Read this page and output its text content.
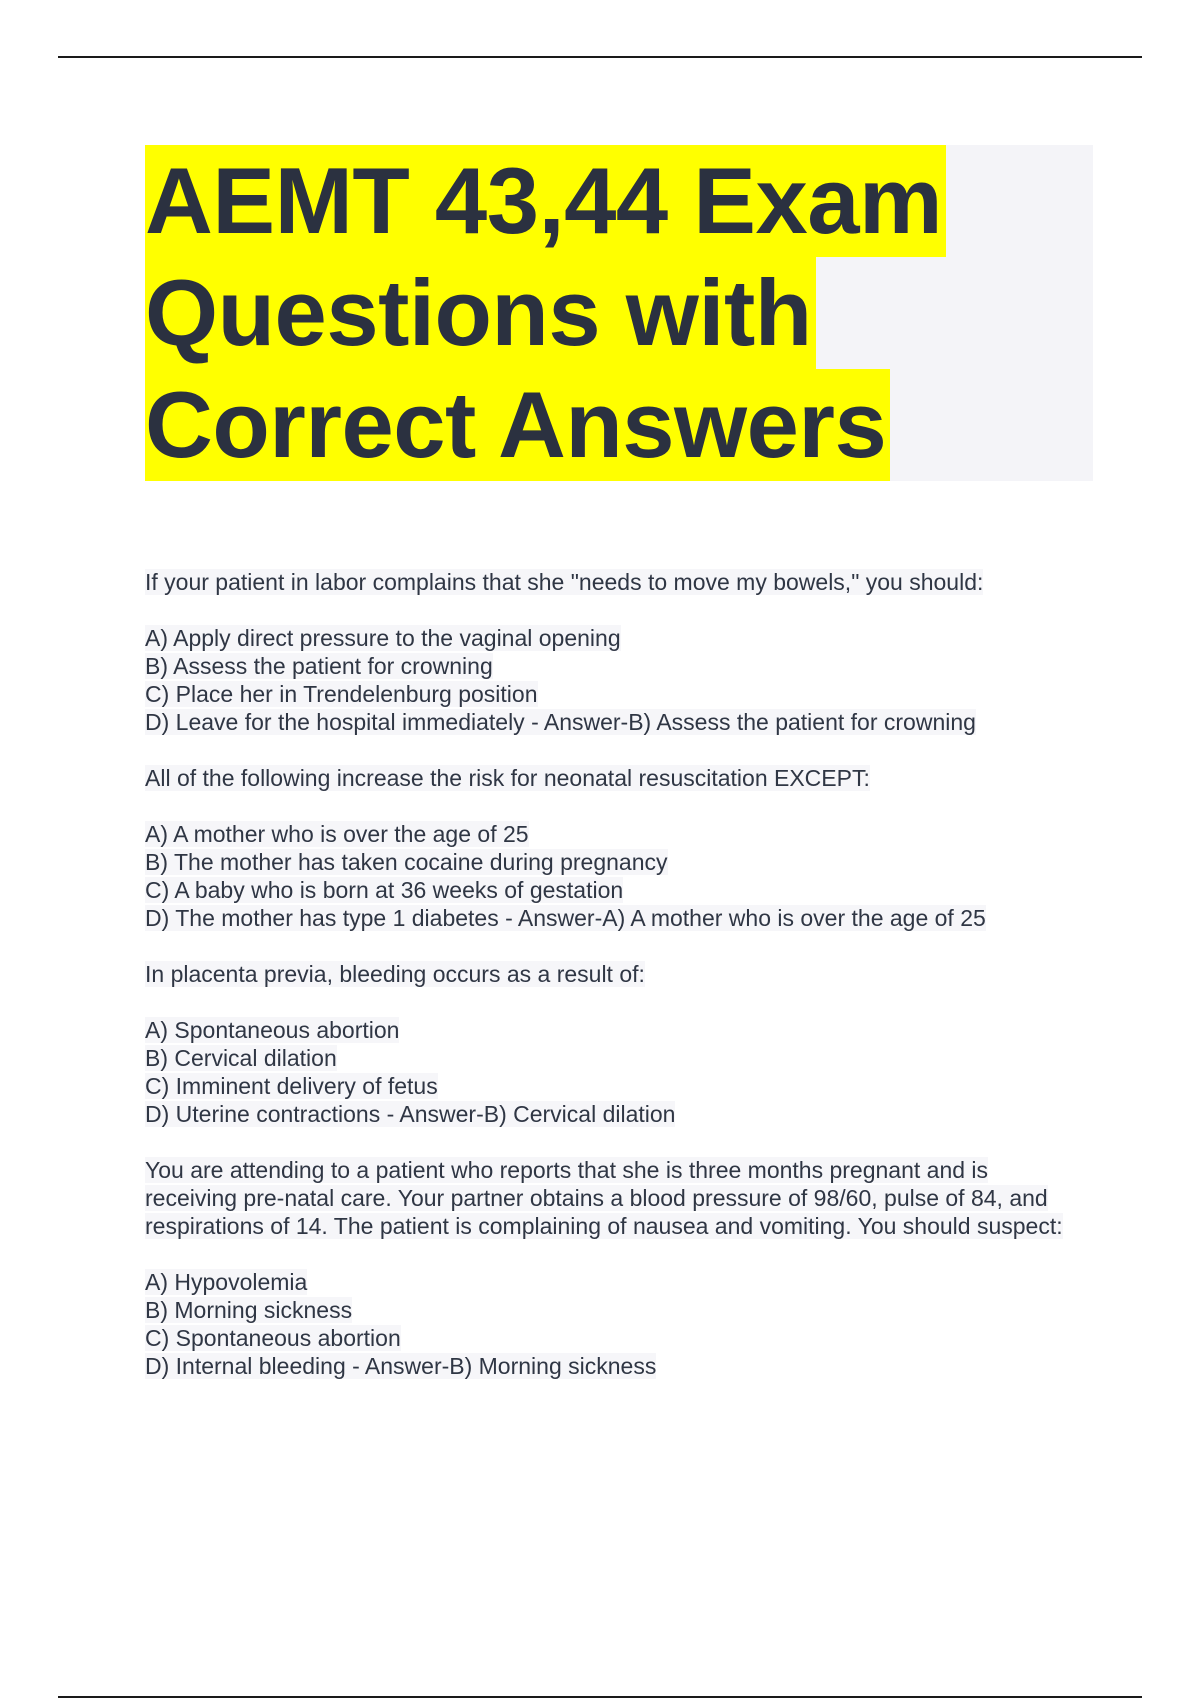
AEMT 43,44 Exam
Questions with
Correct Answers
If your patient in labor complains that she "needs to move my bowels," you should:
A) Apply direct pressure to the vaginal opening
B) Assess the patient for crowning
C) Place her in Trendelenburg position
D) Leave for the hospital immediately - Answer-B) Assess the patient for crowning
All of the following increase the risk for neonatal resuscitation EXCEPT:
A) A mother who is over the age of 25
B) The mother has taken cocaine during pregnancy
C) A baby who is born at 36 weeks of gestation
D) The mother has type 1 diabetes - Answer-A) A mother who is over the age of 25
In placenta previa, bleeding occurs as a result of:
A) Spontaneous abortion
B) Cervical dilation
C) Imminent delivery of fetus
D) Uterine contractions - Answer-B) Cervical dilation
You are attending to a patient who reports that she is three months pregnant and is receiving pre-natal care. Your partner obtains a blood pressure of 98/60, pulse of 84, and respirations of 14. The patient is complaining of nausea and vomiting. You should suspect:
A) Hypovolemia
B) Morning sickness
C) Spontaneous abortion
D) Internal bleeding - Answer-B) Morning sickness
